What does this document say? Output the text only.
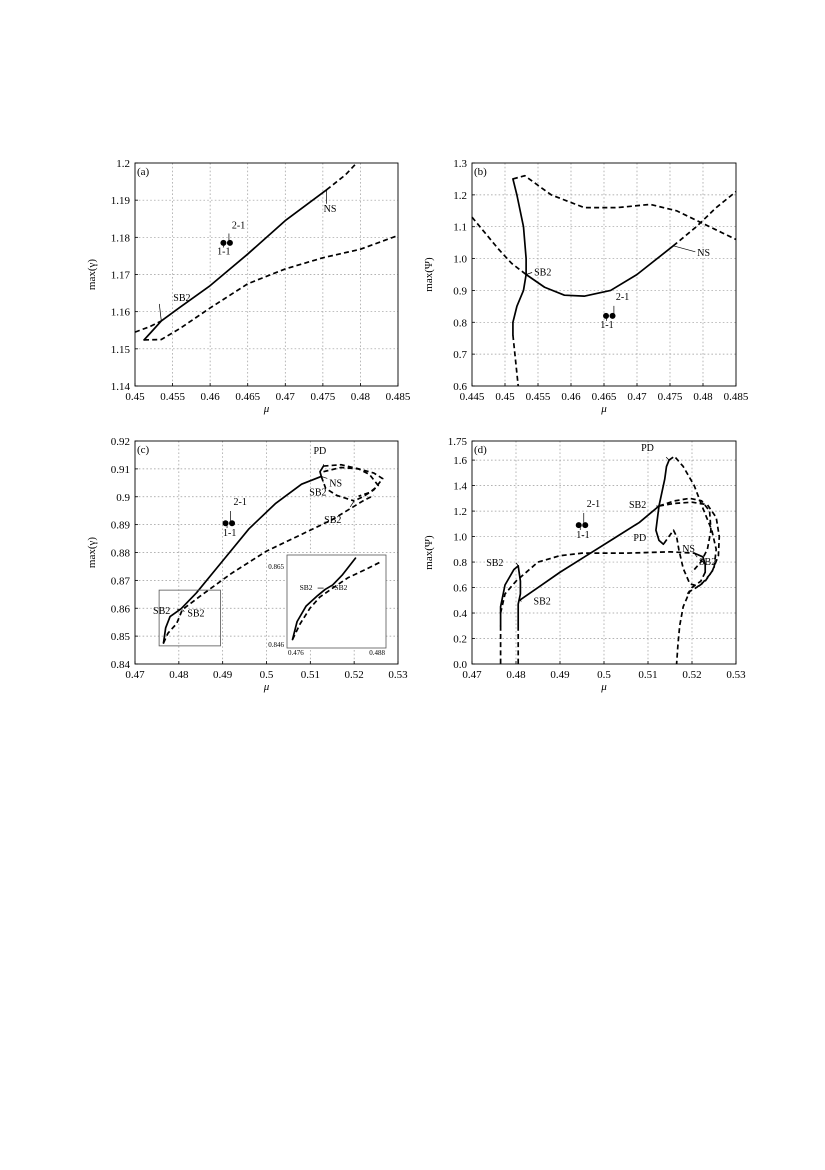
0.45 0.455 0.46 0.465 0.47 0.475 0.48 0.485
1.14
1.15
1.16
1.17
1.18
1.19
1.2
μ
max(γ)
(a)
SB2
NS
2-1
1-1
0.445 0.45 0.455 0.46 0.465 0.47 0.475 0.48 0.485
0.6
0.7
0.8
0.9
1.0
1.1
1.2
1.3
μ
max(Ψ)
(b)
SB2
NS
2-1
1-1
0.47 0.48 0.49 0.5 0.51 0.52 0.53
0.84
0.85
0.86
0.87
0.88
0.89
0.9
0.91
0.92
μ
max(γ)
(c)	PD
NS
SB2
SB2
SB2 SB2
2-1
1-1
0.865
0.846
0.476	0.488
SB2	SB2
0.47 0.48 0.49	0.5	0.51 0.52 0.53
0.0
0.2
0.4
0.6
0.8
1.0
1.2
1.4
1.6
1.75
μ
max(Ψ)
(d)	PD
SB2
PD
NS
SB2
SB2
SB2
2-1
1-1
